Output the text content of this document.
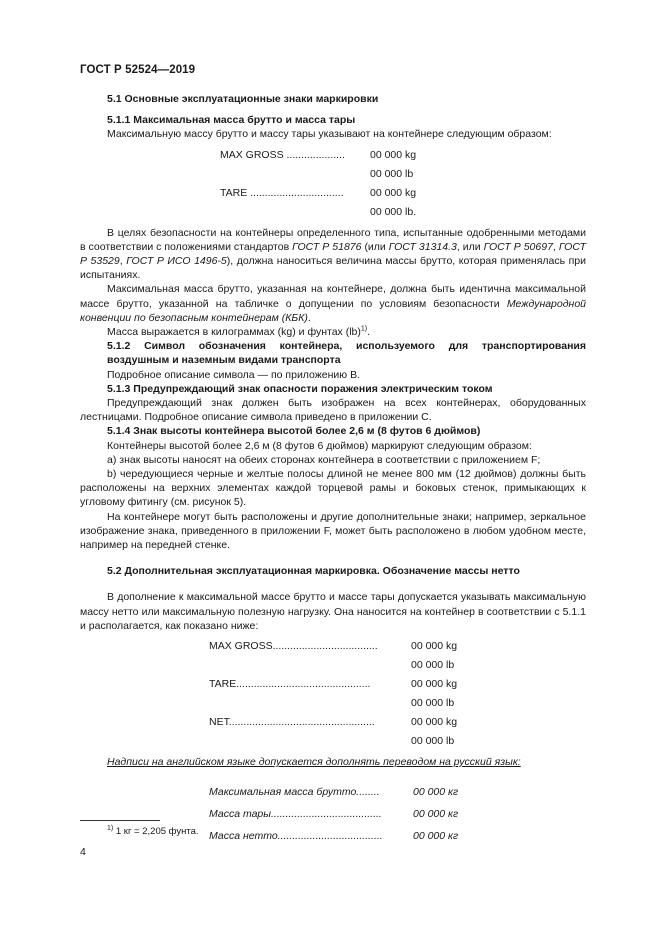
ГОСТ Р 52524—2019
5.1 Основные эксплуатационные знаки маркировки
5.1.1 Максимальная масса брутто и масса тары
Максимальную массу брутто и массу тары указывают на контейнере следующим образом:
MAX GROSS ....................	00 000 kg
00 000 lb
TARE ................................	00 000 kg
00 000 lb.
В целях безопасности на контейнеры определенного типа, испытанные одобренными методами в соответствии с положениями стандартов ГОСТ Р 51876 (или ГОСТ 31314.3, или ГОСТ Р 50697, ГОСТ Р 53529, ГОСТ Р ИСО 1496-5), должна наноситься величина массы брутто, которая применялась при испытаниях.
Максимальная масса брутто, указанная на контейнере, должна быть идентична максимальной массе брутто, указанной на табличке о допущении по условиям безопасности Международной конвенции по безопасным контейнерам (КБК).
Масса выражается в килограммах (kg) и фунтах (lb)$^{1)}$.
5.1.2 Символ обозначения контейнера, используемого для транспортирования воздушным и наземным видами транспорта
Подробное описание символа — по приложению В.
5.1.3 Предупреждающий знак опасности поражения электрическим током
Предупреждающий знак должен быть изображен на всех контейнерах, оборудованных лестницами. Подробное описание символа приведено в приложении С.
5.1.4 Знак высоты контейнера высотой более 2,6 м (8 футов 6 дюймов)
Контейнеры высотой более 2,6 м (8 футов 6 дюймов) маркируют следующим образом:
а) знак высоты наносят на обеих сторонах контейнера в соответствии с приложением F;
b) чередующиеся черные и желтые полосы длиной не менее 800 мм (12 дюймов) должны быть расположены на верхних элементах каждой торцевой рамы и боковых стенок, примыкающих к угловому фитингу (см. рисунок 5).
На контейнере могут быть расположены и другие дополнительные знаки; например, зеркальное изображение знака, приведенного в приложении F, может быть расположено в любом удобном месте, например на передней стенке.
5.2 Дополнительная эксплуатационная маркировка. Обозначение массы нетто
В дополнение к максимальной массе брутто и массе тары допускается указывать максимальную массу нетто или максимальную полезную нагрузку. Она наносится на контейнер в соответствии с 5.1.1 и располагается, как показано ниже:
MAX GROSS....................................	00 000 kg
00 000 lb
TARE..............................................	00 000 kg
00 000 lb
NET..................................................	00 000 kg
00 000 lb
Надписи на английском языке допускается дополнять переводом на русский язык:
Максимальная масса брутто........	00 000 кг
Масса тары......................................	00 000 кг
Масса нетто....................................	00 000 кг
$^{1)}$ 1 кг = 2,205 фунта.
4
